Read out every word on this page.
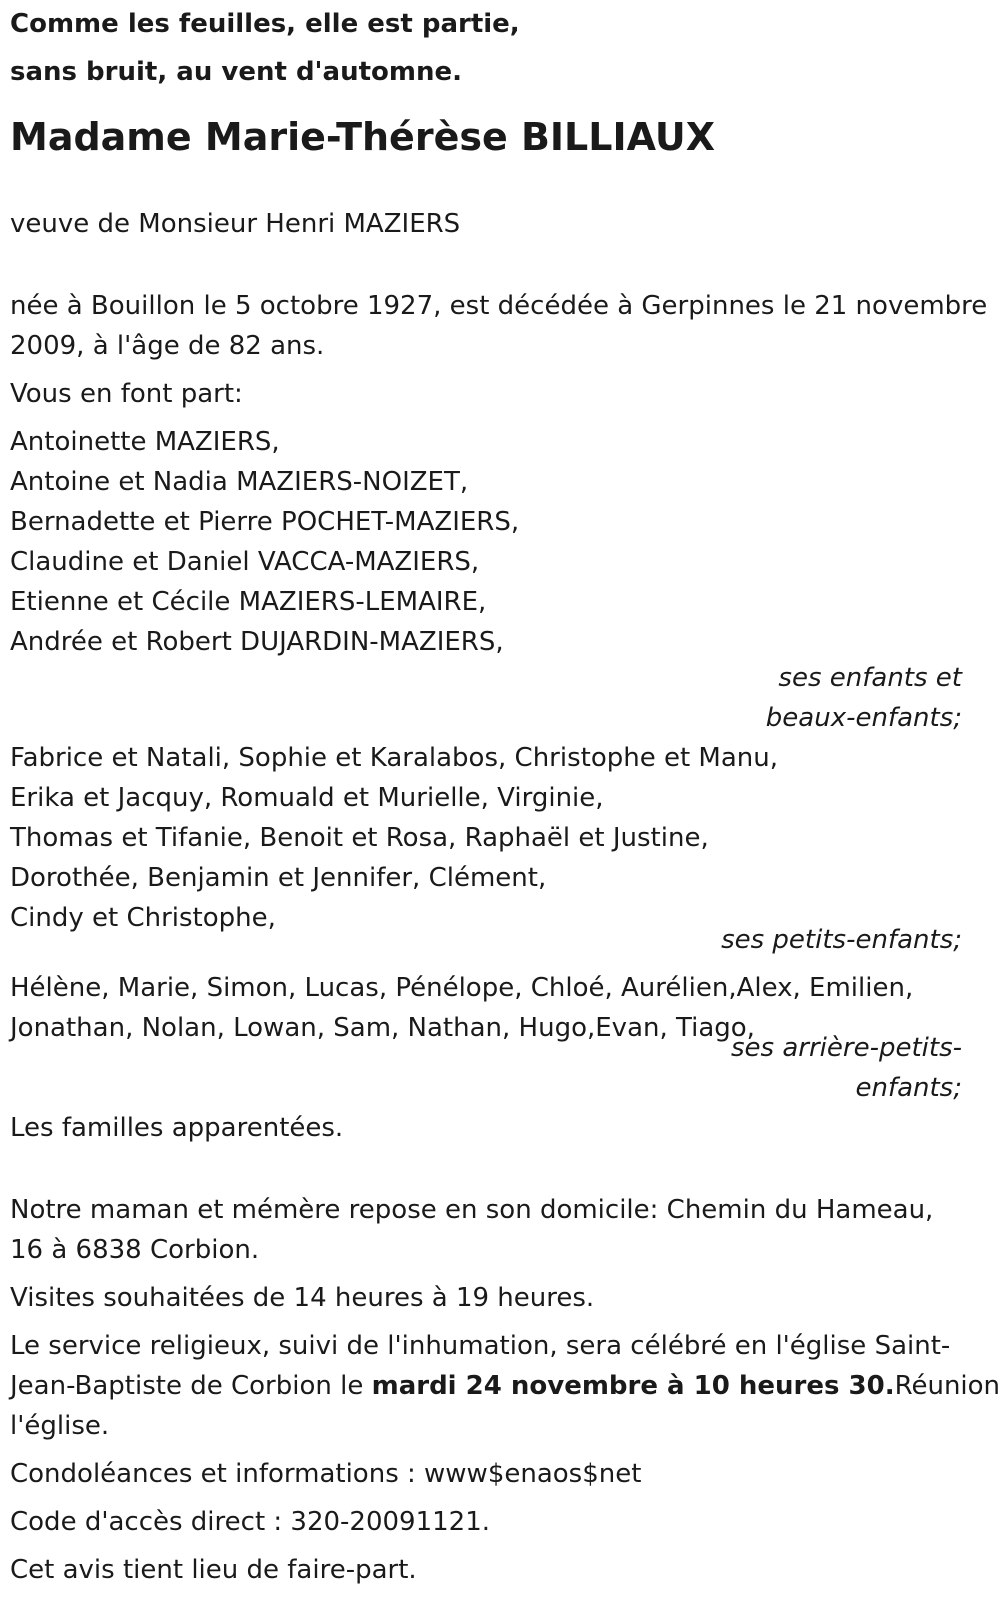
Comme les feuilles, elle est partie,
sans bruit, au vent d'automne.
Madame Marie-Thérèse BILLIAUX
veuve de Monsieur Henri MAZIERS
née à Bouillon le 5 octobre 1927, est décédée à Gerpinnes le 21 novembre
2009, à l'âge de 82 ans.
Vous en font part:
Antoinette MAZIERS,
Antoine et Nadia MAZIERS-NOIZET,
Bernadette et Pierre POCHET-MAZIERS,
Claudine et Daniel VACCA-MAZIERS,
Etienne et Cécile MAZIERS-LEMAIRE,
Andrée et Robert DUJARDIN-MAZIERS,
ses enfants et
beaux-enfants;
Fabrice et Natali, Sophie et Karalabos, Christophe et Manu,
Erika et Jacquy, Romuald et Murielle, Virginie,
Thomas et Tifanie, Benoit et Rosa, Raphaël et Justine,
Dorothée, Benjamin et Jennifer, Clément,
Cindy et Christophe,
ses petits-enfants;
Hélène, Marie, Simon, Lucas, Pénélope, Chloé, Aurélien,Alex, Emilien,
Jonathan, Nolan, Lowan, Sam, Nathan, Hugo,Evan, Tiago,
ses arrière-petits-
enfants;
Les familles apparentées.
Notre maman et mémère repose en son domicile: Chemin du Hameau,
16 à 6838 Corbion.
Visites souhaitées de 14 heures à 19 heures.
Le service religieux, suivi de l'inhumation, sera célébré en l'église Saint-
Jean-Baptiste de Corbion le mardi 24 novembre à 10 heures 30.Réunion
l'église.
Condoléances et informations : www$enaos$net
Code d'accès direct : 320-20091121.
Cet avis tient lieu de faire-part.
